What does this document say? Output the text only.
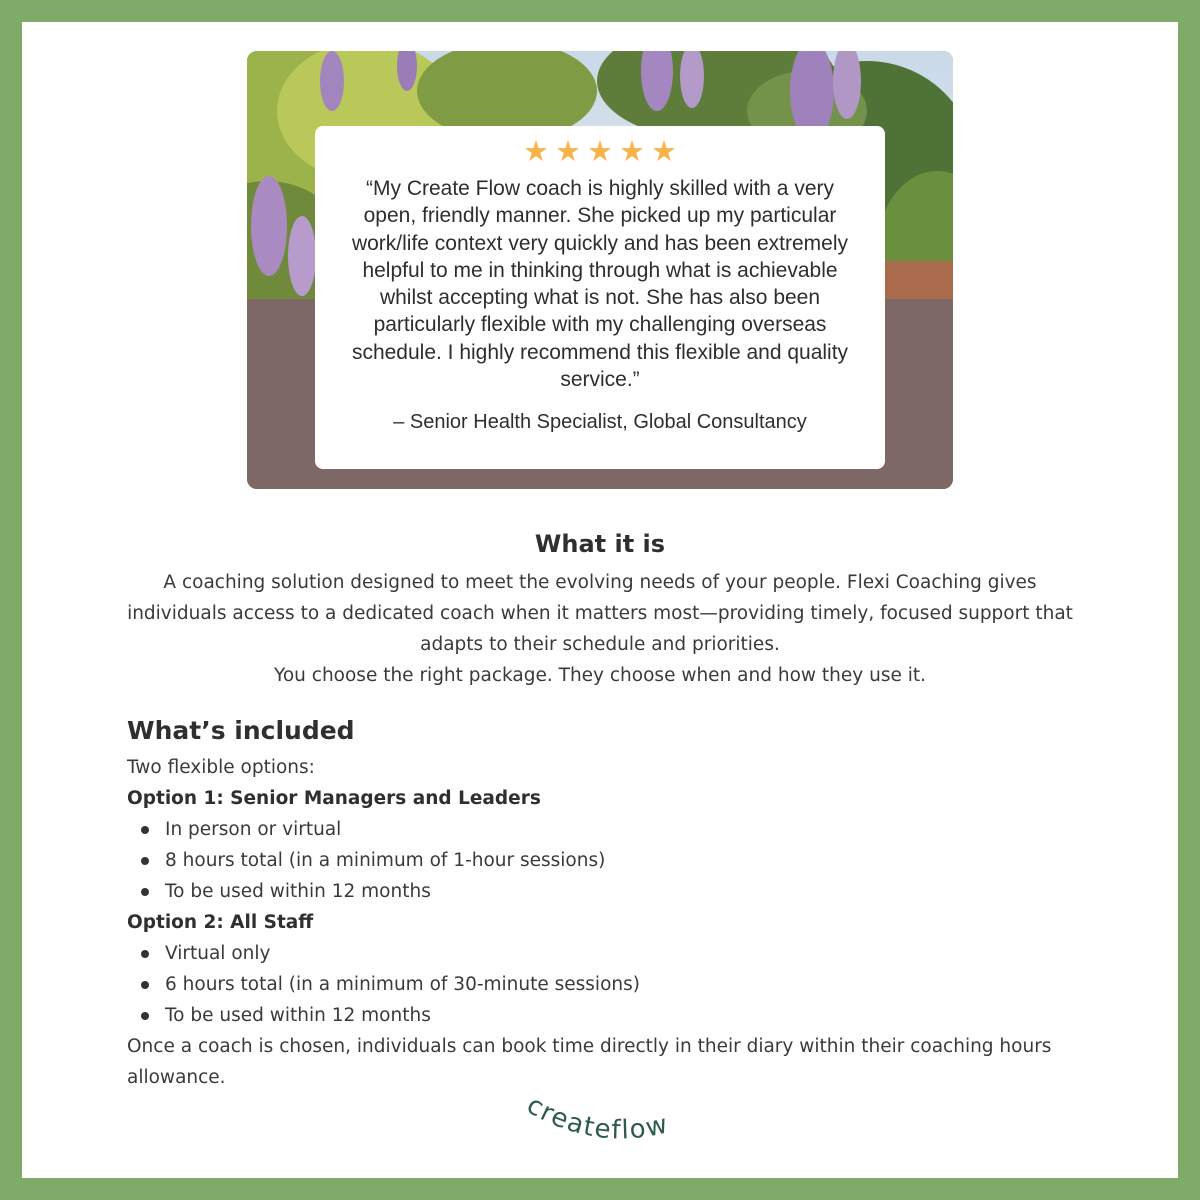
★ ★ ★ ★ ★
“My Create Flow coach is highly skilled with a very open, friendly manner. She picked up my particular work/life context very quickly and has been extremely helpful to me in thinking through what is achievable whilst accepting what is not. She has also been particularly flexible with my challenging overseas schedule. I highly recommend this flexible and quality service.”
– Senior Health Specialist, Global Consultancy
What it is

A coaching solution designed to meet the evolving needs of your people. Flexi Coaching gives individuals access to a dedicated coach when it matters most—providing timely, focused support that adapts to their schedule and priorities.

You choose the right package. They choose when and how they use it.

What’s included

Two flexible options:

Option 1: Senior Managers and Leaders

In person or virtual
8 hours total (in a minimum of 1-hour sessions)
To be used within 12 months

Option 2: All Staff

Virtual only
6 hours total (in a minimum of 30-minute sessions)
To be used within 12 months

Once a coach is chosen, individuals can book time directly in their diary within their coaching hours allowance.

createflow
